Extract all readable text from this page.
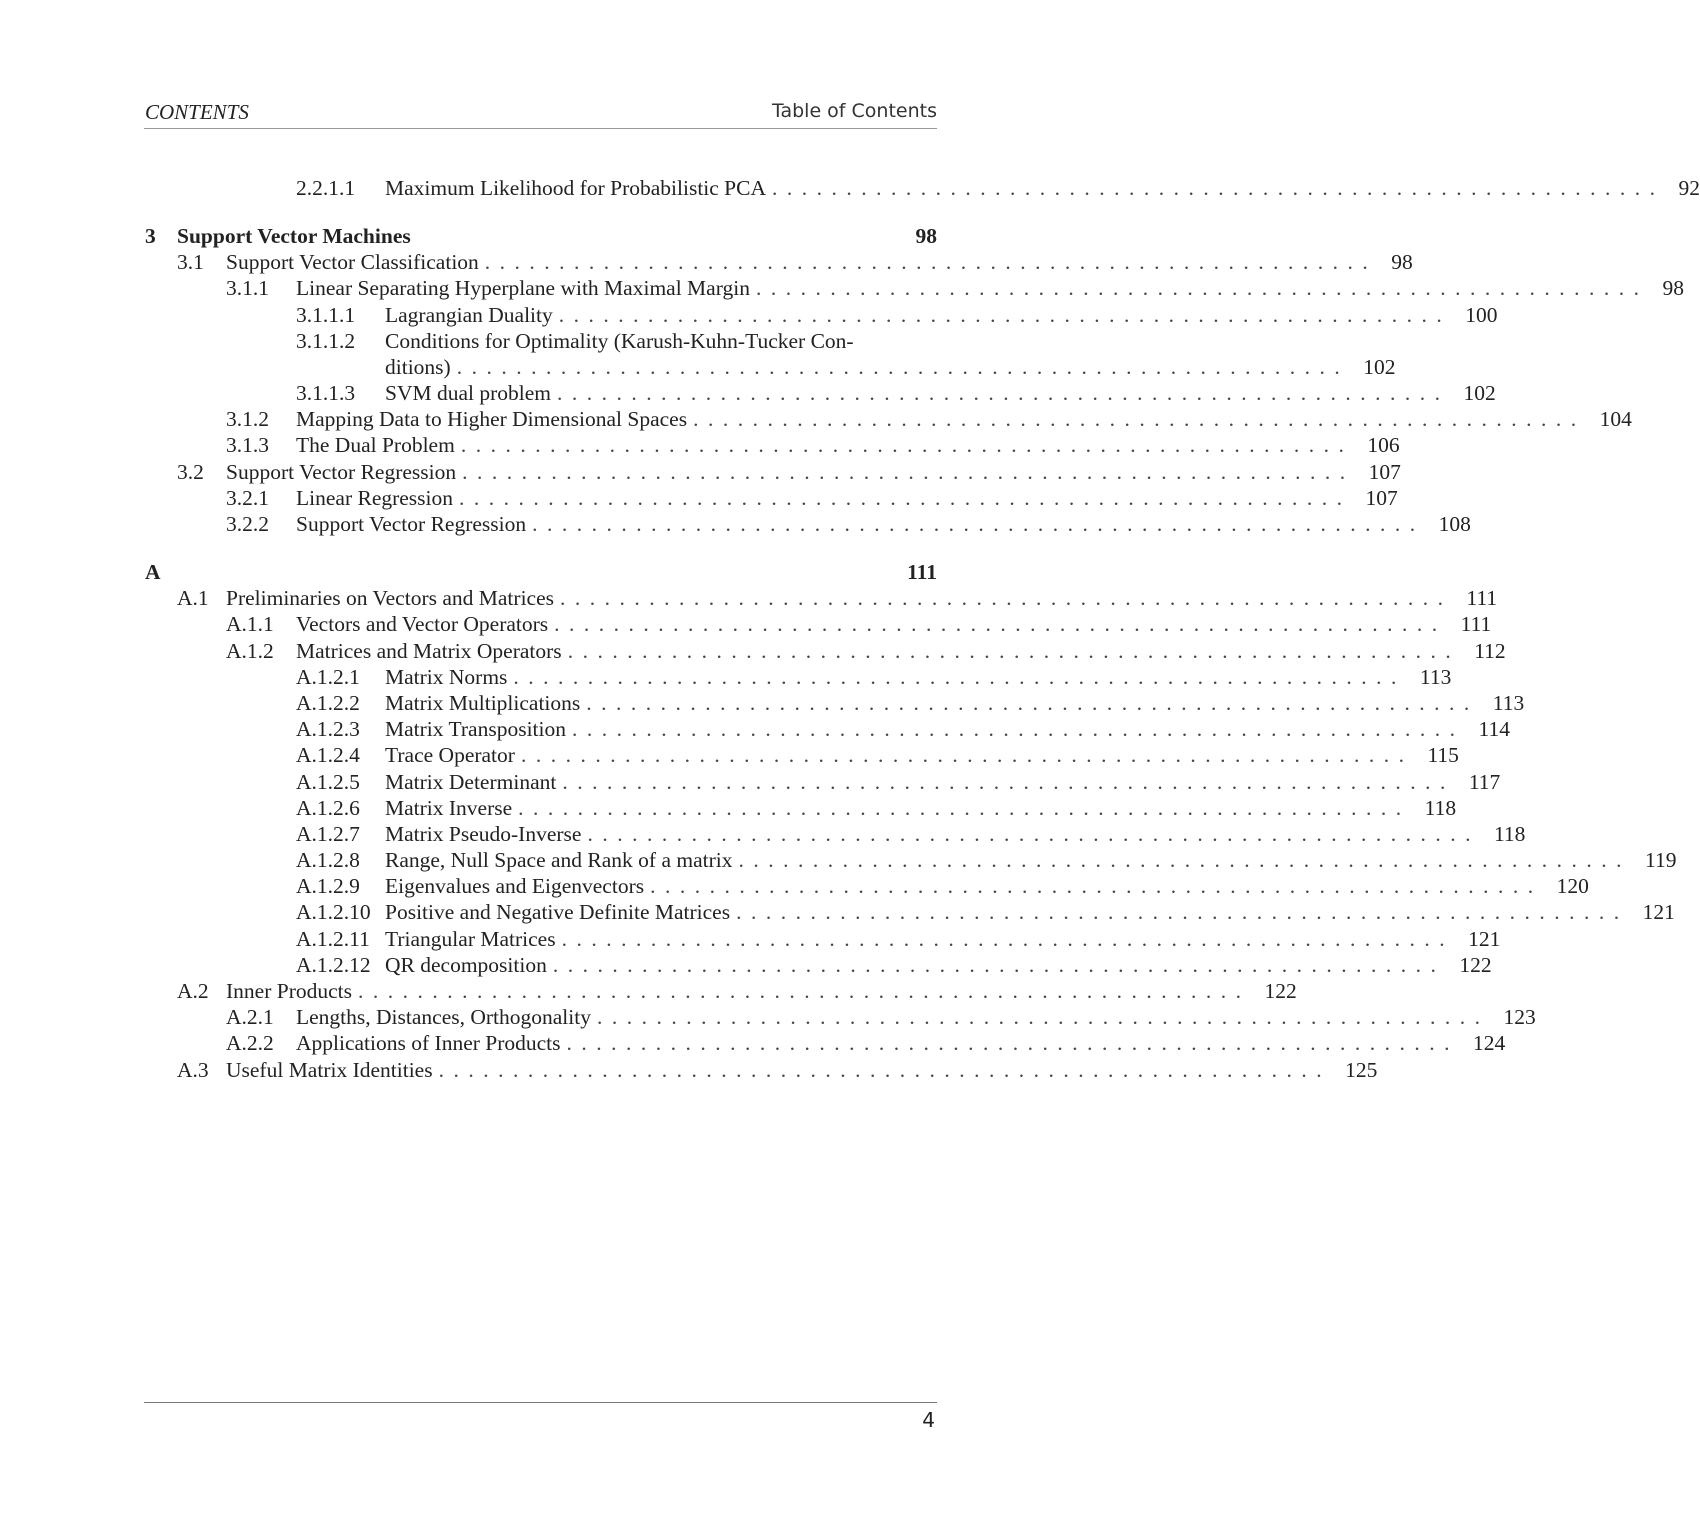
CONTENTS	Table of Contents
2.2.1.1 Maximum Likelihood for Probabilistic PCA ............................................................ 92
3 Support Vector Machines	98
3.1 Support Vector Classification ............................................................ 98
3.1.1 Linear Separating Hyperplane with Maximal Margin ............................................................ 98
3.1.1.1 Lagrangian Duality ............................................................ 100
3.1.1.2 Conditions for Optimality (Karush-Kuhn-Tucker Con-
ditions) ............................................................ 102
3.1.1.3 SVM dual problem ............................................................ 102
3.1.2 Mapping Data to Higher Dimensional Spaces ............................................................ 104
3.1.3 The Dual Problem ............................................................ 106
3.2 Support Vector Regression ............................................................ 107
3.2.1 Linear Regression ............................................................ 107
3.2.2 Support Vector Regression ............................................................ 108
A	111
A.1 Preliminaries on Vectors and Matrices ............................................................ 111
A.1.1 Vectors and Vector Operators ............................................................ 111
A.1.2 Matrices and Matrix Operators ............................................................ 112
A.1.2.1 Matrix Norms ............................................................ 113
A.1.2.2 Matrix Multiplications ............................................................ 113
A.1.2.3 Matrix Transposition ............................................................ 114
A.1.2.4 Trace Operator ............................................................ 115
A.1.2.5 Matrix Determinant ............................................................ 117
A.1.2.6 Matrix Inverse ............................................................ 118
A.1.2.7 Matrix Pseudo-Inverse ............................................................ 118
A.1.2.8 Range, Null Space and Rank of a matrix ............................................................ 119
A.1.2.9 Eigenvalues and Eigenvectors ............................................................ 120
A.1.2.10 Positive and Negative Definite Matrices ............................................................ 121
A.1.2.11 Triangular Matrices ............................................................ 121
A.1.2.12 QR decomposition ............................................................ 122
A.2 Inner Products ............................................................ 122
A.2.1 Lengths, Distances, Orthogonality ............................................................ 123
A.2.2 Applications of Inner Products ............................................................ 124
A.3 Useful Matrix Identities ............................................................ 125
4
